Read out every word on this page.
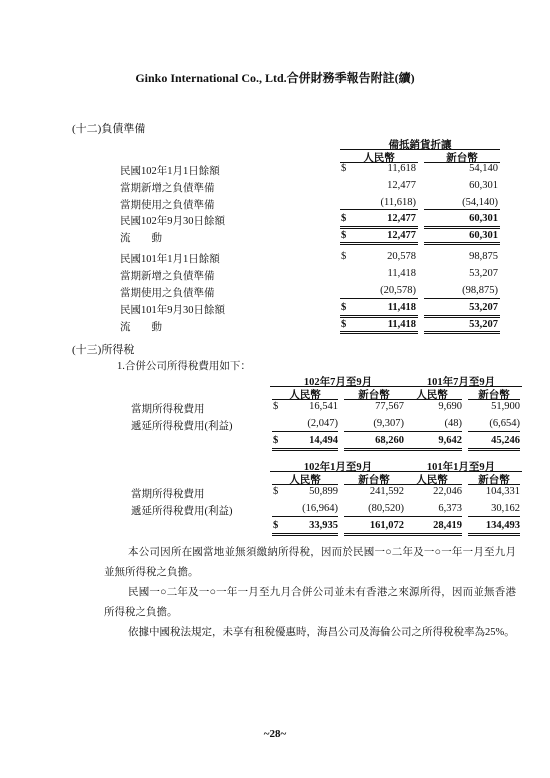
Ginko International Co., Ltd.合併財務季報告附註(續)
(十二)負債準備
備抵銷貨折讓
人民幣	新台幣
民國102年1月1日餘額	$	11,618	54,140
當期新增之負債準備	12,477	60,301
當期使用之負債準備	(11,618)	(54,140)
民國102年9月30日餘額	$	12,477	60,301
流　　動	$	12,477	60,301
民國101年1月1日餘額	$	20,578	98,875
當期新增之負債準備	11,418	53,207
當期使用之負債準備	(20,578)	(98,875)
民國101年9月30日餘額	$	11,418	53,207
流　　動	$	11,418	53,207
(十三)所得稅
1.合併公司所得稅費用如下：
102年7月至9月	101年7月至9月
人民幣	新台幣	人民幣	新台幣
當期所得稅費用	$	16,541	77,567	9,690	51,900
遞延所得稅費用(利益)	(2,047)	(9,307)	(48)	(6,654)
$	14,494	68,260	9,642	45,246
102年1月至9月	101年1月至9月
人民幣	新台幣	人民幣	新台幣
當期所得稅費用	$	50,899	241,592	22,046	104,331
遞延所得稅費用(利益)	(16,964)	(80,520)	6,373	30,162
$	33,935	161,072	28,419	134,493
本公司因所在國當地並無須繳納所得稅，因而於民國一○二年及一○一年一月至九月並無所得稅之負擔。
民國一○二年及一○一年一月至九月合併公司並未有香港之來源所得，因而並無香港所得稅之負擔。
依據中國稅法規定，未享有租稅優惠時，海昌公司及海倫公司之所得稅稅率為25%。
~28~
